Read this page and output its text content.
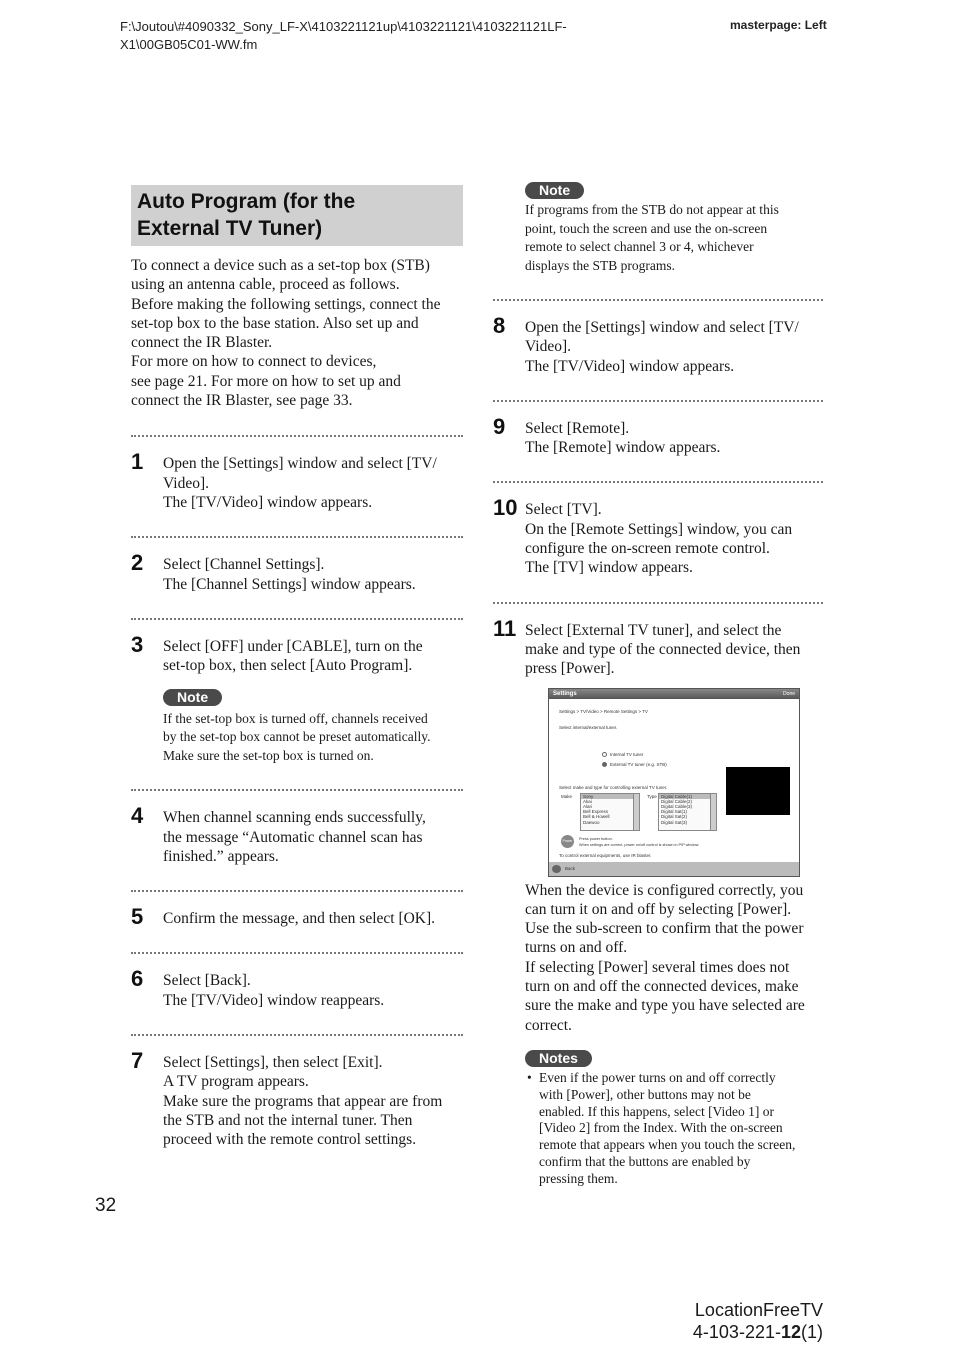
F:\Joutou\#4090332_Sony_LF-X\4103221121up\4103221121\4103221121LF-
X1\00GB05C01-WW.fm
masterpage: Left
Auto Program (for the
External TV Tuner)
To connect a device such as a set-top box (STB)
using an antenna cable, proceed as follows.
Before making the following settings, connect the
set-top box to the base station. Also set up and
connect the IR Blaster.
For more on how to connect to devices,
see page 21. For more on how to set up and
connect the IR Blaster, see page 33.
1 Open the [Settings] window and select [TV/
Video].
The [TV/Video] window appears.
2 Select [Channel Settings].
The [Channel Settings] window appears.
3 Select [OFF] under [CABLE], turn on the
set-top box, then select [Auto Program].
Note
If the set-top box is turned off, channels received
by the set-top box cannot be preset automatically.
Make sure the set-top box is turned on.
4 When channel scanning ends successfully,
the message “Automatic channel scan has
finished.” appears.
5 Confirm the message, and then select [OK].
6 Select [Back].
The [TV/Video] window reappears.
7 Select [Settings], then select [Exit].
A TV program appears.
Make sure the programs that appear are from
the STB and not the internal tuner. Then
proceed with the remote control settings.
Note
If programs from the STB do not appear at this
point, touch the screen and use the on-screen
remote to select channel 3 or 4, whichever
displays the STB programs.
8 Open the [Settings] window and select [TV/
Video].
The [TV/Video] window appears.
9 Select [Remote].
The [Remote] window appears.
10 Select [TV].
On the [Remote Settings] window, you can
configure the on-screen remote control.
The [TV] window appears.
11 Select [External TV tuner], and select the
make and type of the connected device, then
press [Power].
Settings	Done
Settings > TV/Video > Remote Settings > TV
Select internal/external tuner.
Internal TV tuner
External TV tuner (e.g. STB)
Select make and type for controlling external TV tuner.
Make	Sony
Akai
Alari
Bell Express
Bell & Howell
Daewoo
Type Digital Cable(1)
Digital Cable(2)
Digital Cable(3)
Digital Sat(1)
Digital Sat(2)
Digital Sat(3)
Power	Press power button.
When settings are correct, power on/off control is shown in PIP window.
To control external equipments, use IR blaster.
Back
When the device is configured correctly, you
can turn it on and off by selecting [Power].
Use the sub-screen to confirm that the power
turns on and off.
If selecting [Power] several times does not
turn on and off the connected devices, make
sure the make and type you have selected are
correct.
Notes
• Even if the power turns on and off correctly
with [Power], other buttons may not be
enabled. If this happens, select [Video 1] or
[Video 2] from the Index. With the on-screen
remote that appears when you touch the screen,
confirm that the buttons are enabled by
pressing them.
32
LocationFreeTV
4-103-221-12(1)
